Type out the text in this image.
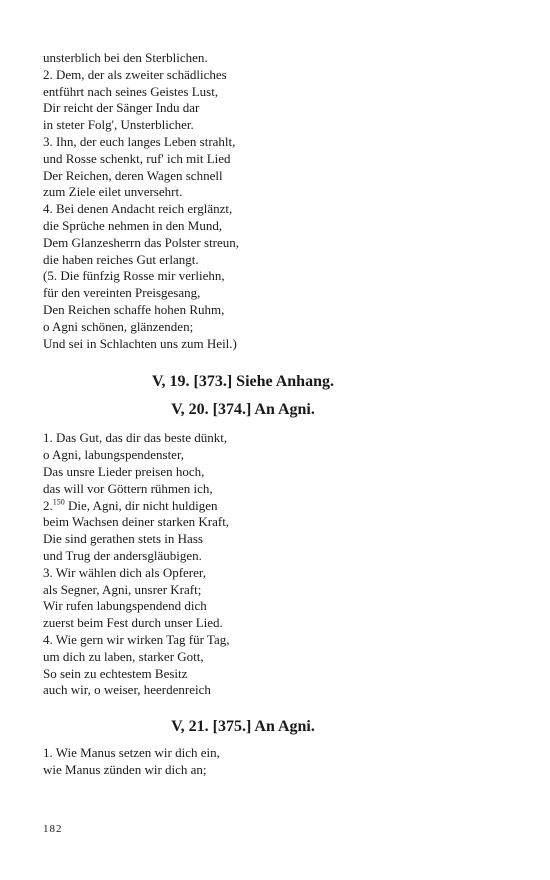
unsterblich bei den Sterblichen.
2. Dem, der als zweiter schädliches
entführt nach seines Geistes Lust,
Dir reicht der Sänger Indu dar
in steter Folg', Unsterblicher.
3. Ihn, der euch langes Leben strahlt,
und Rosse schenkt, ruf' ich mit Lied
Der Reichen, deren Wagen schnell
zum Ziele eilet unversehrt.
4. Bei denen Andacht reich erglänzt,
die Sprüche nehmen in den Mund,
Dem Glanzesherrn das Polster streun,
die haben reiches Gut erlangt.
(5. Die fünfzig Rosse mir verliehn,
für den vereinten Preisgesang,
Den Reichen schaffe hohen Ruhm,
o Agni schönen, glänzenden;
Und sei in Schlachten uns zum Heil.)
V, 19. [373.] Siehe Anhang.
V, 20. [374.] An Agni.
1. Das Gut, das dir das beste dünkt,
o Agni, labungspendenster,
Das unsre Lieder preisen hoch,
das will vor Göttern rühmen ich,
2.$^{150}$ Die, Agni, dir nicht huldigen
beim Wachsen deiner starken Kraft,
Die sind gerathen stets in Hass
und Trug der andersgläubigen.
3. Wir wählen dich als Opferer,
als Segner, Agni, unsrer Kraft;
Wir rufen labungspendend dich
zuerst beim Fest durch unser Lied.
4. Wie gern wir wirken Tag für Tag,
um dich zu laben, starker Gott,
So sein zu echtestem Besitz
auch wir, o weiser, heerdenreich
V, 21. [375.] An Agni.
1. Wie Manus setzen wir dich ein,
wie Manus zünden wir dich an;
182
